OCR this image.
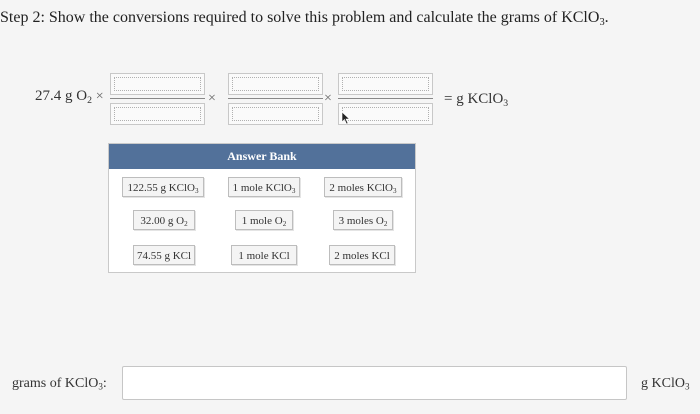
Step 2: Show the conversions required to solve this problem and calculate the grams of KClO$_3$.
27.4 g $O_2$ ×	×	×	= g KClO$_3$
Answer Bank
122.55 g KClO$_3$	1 mole KClO$_3$	2 moles KClO$_3$
32.00 g $O_2$	1 mole $O_2$	3 moles $O_2$
74.55 g KCl	1 mole KCl	2 moles KCl
grams of KClO$_3$:	g KClO$_3$
